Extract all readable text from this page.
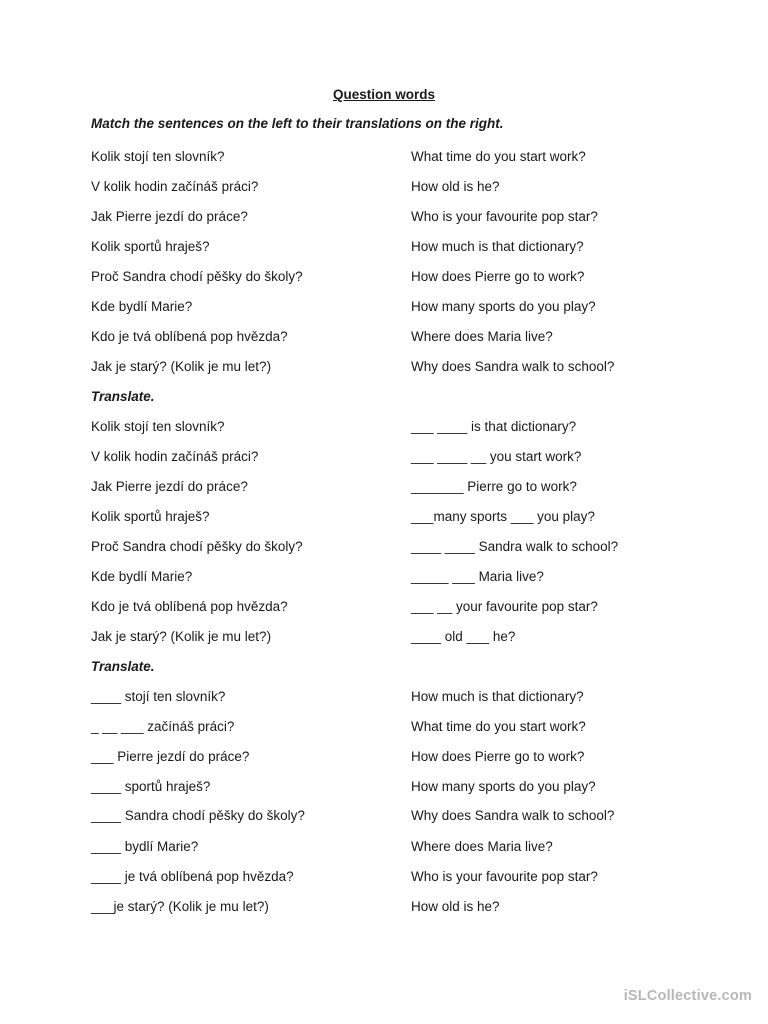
Question words
Match the sentences on the left to their translations on the right.
Kolik stojí ten slovník?	What time do you start work?
V kolik hodin začínáš práci?	How old is he?
Jak Pierre jezdí do práce?	Who is your favourite pop star?
Kolik sportů hraješ?	How much is that dictionary?
Proč Sandra chodí pěšky do školy?	How does Pierre go to work?
Kde bydlí Marie?	How many sports do you play?
Kdo je tvá oblíbená pop hvězda?	Where does Maria live?
Jak je starý? (Kolik je mu let?)	Why does Sandra walk to school?
Translate.
Kolik stojí ten slovník?	___ ____ is that dictionary?
V kolik hodin začínáš práci?	___ ____ __ you start work?
Jak Pierre jezdí do práce?	_______ Pierre go to work?
Kolik sportů hraješ?	___many sports ___ you play?
Proč Sandra chodí pěšky do školy?	____ ____ Sandra walk to school?
Kde bydlí Marie?	_____ ___ Maria live?
Kdo je tvá oblíbená pop hvězda?	___ __ your favourite pop star?
Jak je starý? (Kolik je mu let?)	____ old ___ he?
Translate.
____ stojí ten slovník?	How much is that dictionary?
_ __ ___ začínáš práci?	What time do you start work?
___ Pierre jezdí do práce?	How does Pierre go to work?
____ sportů hraješ?	How many sports do you play?
____ Sandra chodí pěšky do školy?	Why does Sandra walk to school?
____ bydlí Marie?	Where does Maria live?
____ je tvá oblíbená pop hvězda?	Who is your favourite pop star?
___je starý? (Kolik je mu let?)	How old is he?
iSLCollective.com
